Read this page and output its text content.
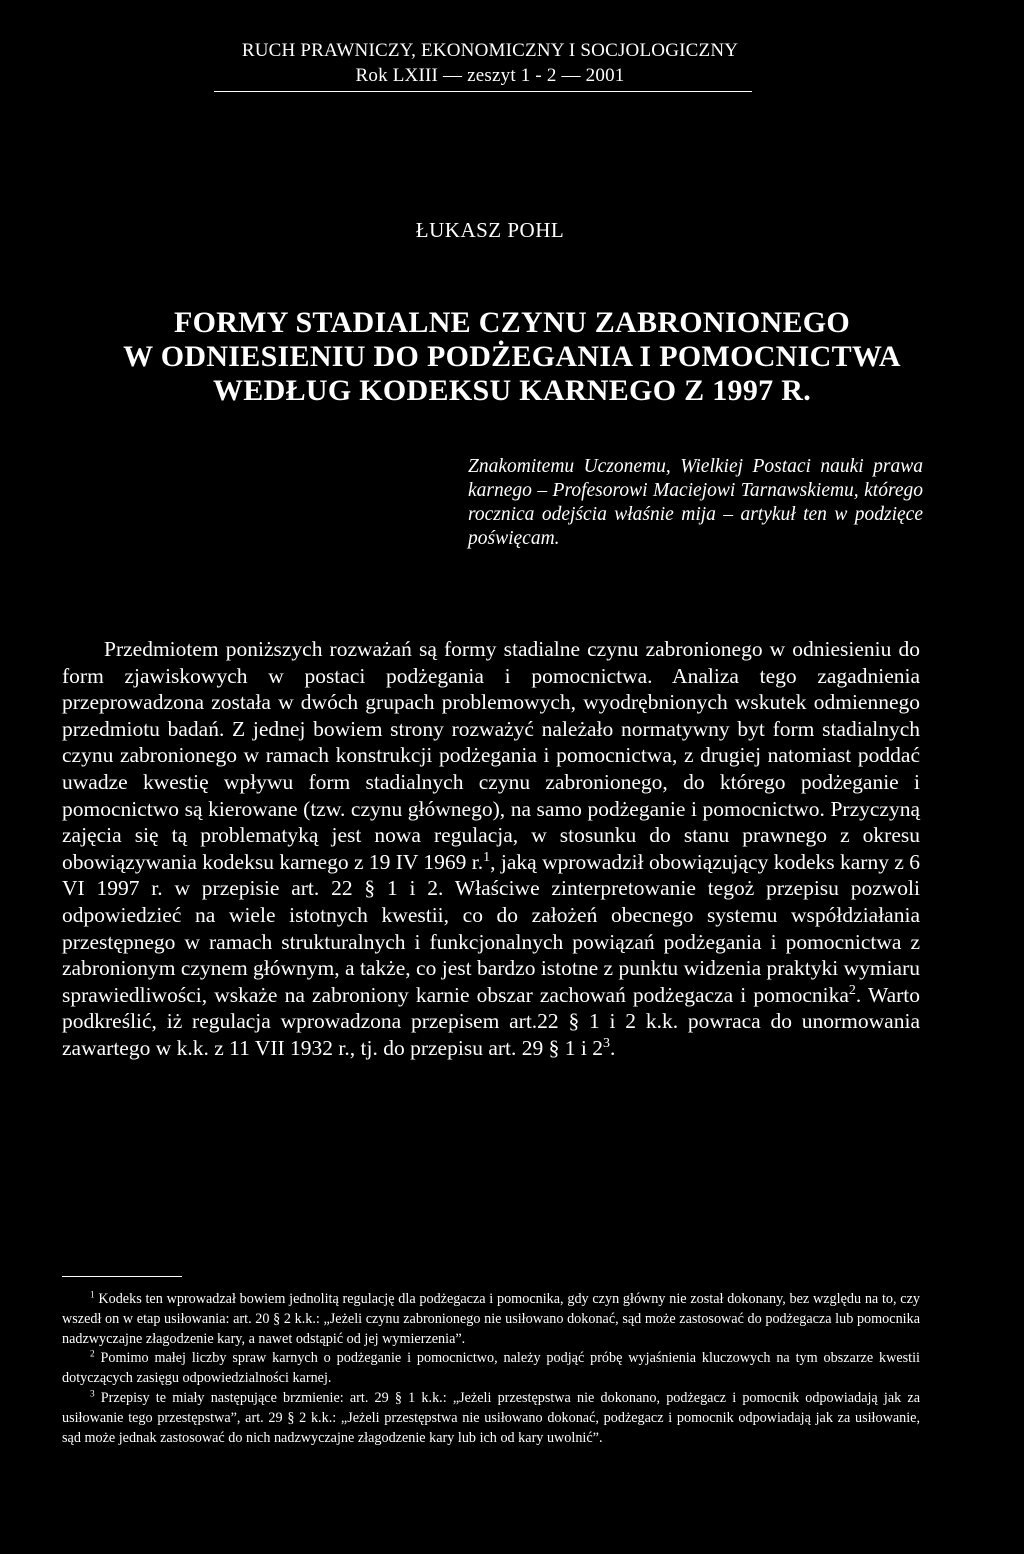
RUCH PRAWNICZY, EKONOMICZNY I SOCJOLOGICZNY
Rok LXIII — zeszyt 1 - 2 — 2001
ŁUKASZ POHL
FORMY STADIALNE CZYNU ZABRONIONEGO
W ODNIESIENIU DO PODŻEGANIA I POMOCNICTWA
WEDŁUG KODEKSU KARNEGO Z 1997 R.
Znakomitemu Uczonemu, Wielkiej Postaci nauki prawa karnego – Profesorowi Maciejowi Tarnawskiemu, którego rocznica odejścia właśnie mija – artykuł ten w podzięce poświęcam.

Przedmiotem poniższych rozważań są formy stadialne czynu zabronionego w odniesieniu do form zjawiskowych w postaci podżegania i pomocnictwa. Analiza tego zagadnienia przeprowadzona została w dwóch grupach problemowych, wyodrębnionych wskutek odmiennego przedmiotu badań. Z jednej bowiem strony rozważyć należało normatywny byt form stadialnych czynu zabronionego w ramach konstrukcji podżegania i pomocnictwa, z drugiej natomiast poddać uwadze kwestię wpływu form stadialnych czynu zabronionego, do którego podżeganie i pomocnictwo są kierowane (tzw. czynu głównego), na samo podżeganie i pomocnictwo. Przyczyną zajęcia się tą problematyką jest nowa regulacja, w stosunku do stanu prawnego z okresu obowiązywania kodeksu karnego z 19 IV 1969 r.$^1$, jaką wprowadził obowiązujący kodeks karny z 6 VI 1997 r. w przepisie art. 22 § 1 i 2. Właściwe zinterpretowanie tegoż przepisu pozwoli odpowiedzieć na wiele istotnych kwestii, co do założeń obecnego systemu współdziałania przestępnego w ramach strukturalnych i funkcjonalnych powiązań podżegania i pomocnictwa z zabronionym czynem głównym, a także, co jest bardzo istotne z punktu widzenia praktyki wymiaru sprawiedliwości, wskaże na zabroniony karnie obszar zachowań podżegacza i pomocnika$^2$. Warto podkreślić, iż regulacja wprowadzona przepisem art.22 § 1 i 2 k.k. powraca do unormowania zawartego w k.k. z 11 VII 1932 r., tj. do przepisu art. 29 § 1 i $2^3$.

$^1$ Kodeks ten wprowadzał bowiem jednolitą regulację dla podżegacza i pomocnika, gdy czyn główny nie został dokonany, bez względu na to, czy wszedł on w etap usiłowania: art. 20 § 2 k.k.: „Jeżeli czynu zabronionego nie usiłowano dokonać, sąd może zastosować do podżegacza lub pomocnika nadzwyczajne złagodzenie kary, a nawet odstąpić od jej wymierzenia”.

$^2$ Pomimo małej liczby spraw karnych o podżeganie i pomocnictwo, należy podjąć próbę wyjaśnienia kluczowych na tym obszarze kwestii dotyczących zasięgu odpowiedzialności karnej.

$^3$ Przepisy te miały następujące brzmienie: art. 29 § 1 k.k.: „Jeżeli przestępstwa nie dokonano, podżegacz i pomocnik odpowiadają jak za usiłowanie tego przestępstwa”, art. 29 § 2 k.k.: „Jeżeli przestępstwa nie usiłowano dokonać, podżegacz i pomocnik odpowiadają jak za usiłowanie, sąd może jednak zastosować do nich nadzwyczajne złagodzenie kary lub ich od kary uwolnić”.
